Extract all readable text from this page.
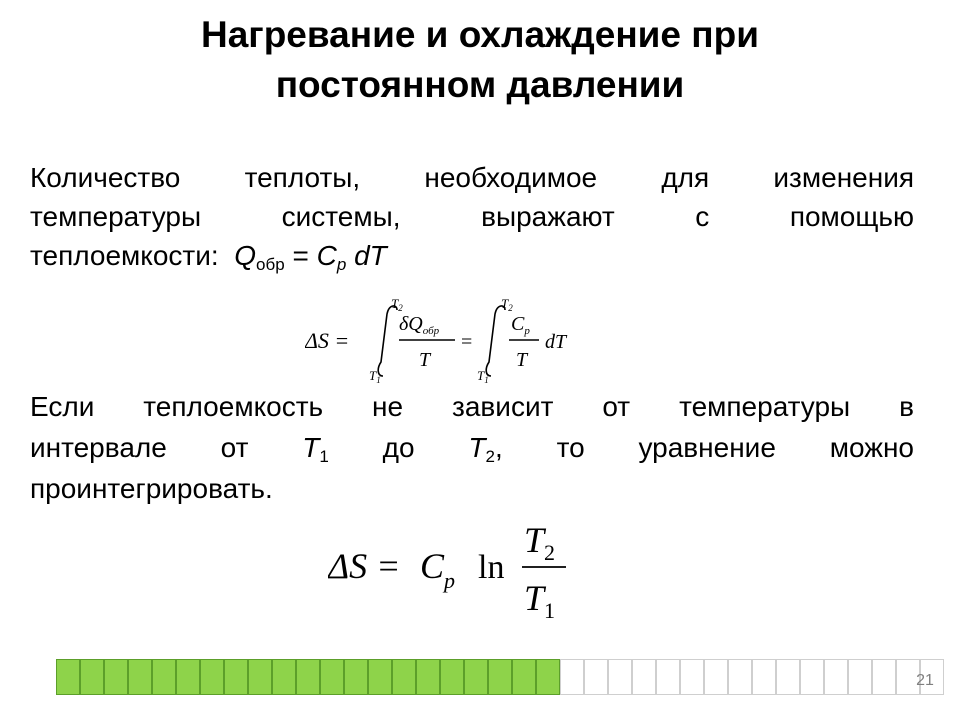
Нагревание и охлаждение при
постоянном давлении
Количество теплоты, необходимое для изменения
температуры системы, выражают с помощью
теплоемкости: $Q_{обр} = C_p$ dT
ΔS =
$T_2$
$T_1$
$\delta Q_{обр}$
T
=
$T_2$
$T_1$
$C_p$
T
dT
Если теплоемкость не зависит от температуры в
интервале от $T_1$ до $T_2$, то уравнение можно
проинтегрировать.
$\Delta S = C_p$ ln
$T_2$
$T_1$
21
